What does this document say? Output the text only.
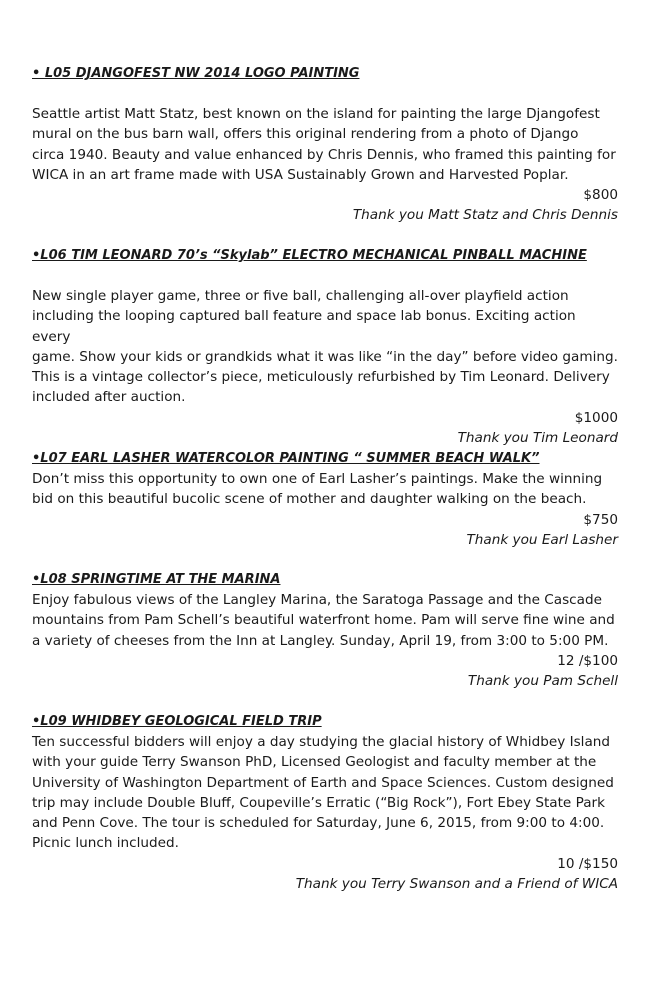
• L05 DJANGOFEST NW 2014 LOGO PAINTING

Seattle artist Matt Statz, best known on the island for painting the large Djangofest
mural on the bus barn wall, offers this original rendering from a photo of Django
circa 1940. Beauty and value enhanced by Chris Dennis, who framed this painting for
WICA in an art frame made with USA Sustainably Grown and Harvested Poplar.

$800

Thank you Matt Statz and Chris Dennis

•L06 TIM LEONARD 70’s “Skylab” ELECTRO MECHANICAL PINBALL MACHINE

New single player game, three or five ball, challenging all-over playfield action
including the looping captured ball feature and space lab bonus. Exciting action every
game. Show your kids or grandkids what it was like “in the day” before video gaming.
This is a vintage collector’s piece, meticulously refurbished by Tim Leonard. Delivery
included after auction.

$1000

Thank you Tim Leonard

•L07 EARL LASHER WATERCOLOR PAINTING “ SUMMER BEACH WALK”

Don’t miss this opportunity to own one of Earl Lasher’s paintings. Make the winning
bid on this beautiful bucolic scene of mother and daughter walking on the beach.

$750

Thank you Earl Lasher

•L08 SPRINGTIME AT THE MARINA

Enjoy fabulous views of the Langley Marina, the Saratoga Passage and the Cascade
mountains from Pam Schell’s beautiful waterfront home. Pam will serve fine wine and
a variety of cheeses from the Inn at Langley. Sunday, April 19, from 3:00 to 5:00 PM.

12 /$100

Thank you Pam Schell

•L09 WHIDBEY GEOLOGICAL FIELD TRIP

Ten successful bidders will enjoy a day studying the glacial history of Whidbey Island
with your guide Terry Swanson PhD, Licensed Geologist and faculty member at the
University of Washington Department of Earth and Space Sciences. Custom designed
trip may include Double Bluff, Coupeville’s Erratic (“Big Rock”), Fort Ebey State Park
and Penn Cove. The tour is scheduled for Saturday, June 6, 2015, from 9:00 to 4:00.
Picnic lunch included.

10 /$150

Thank you Terry Swanson and a Friend of WICA
